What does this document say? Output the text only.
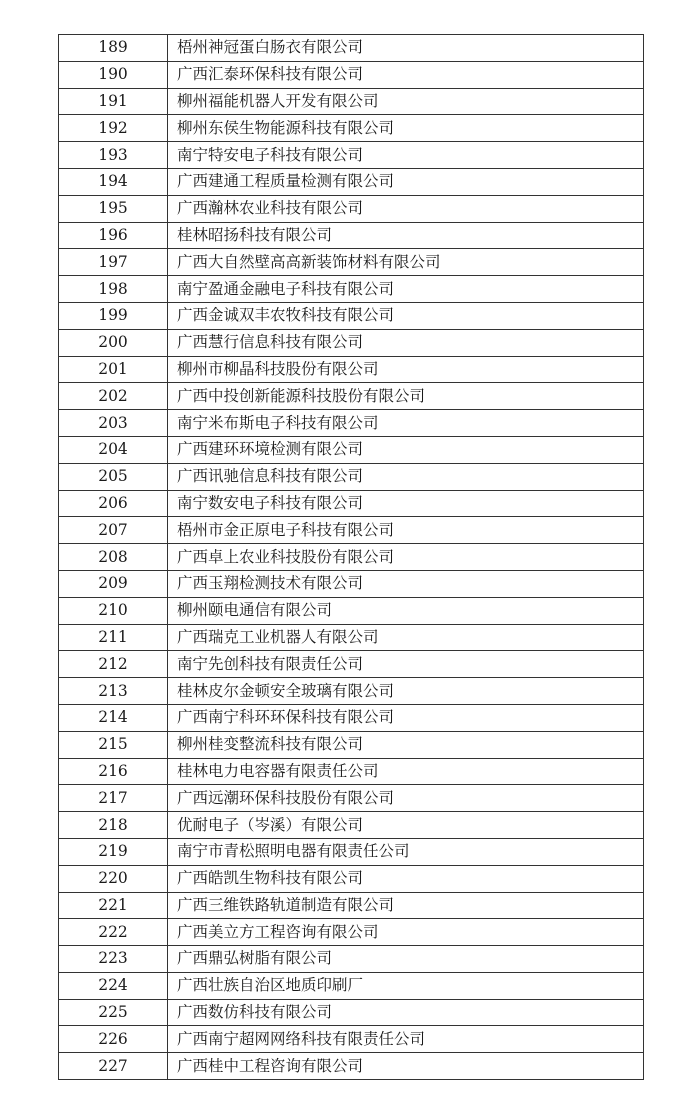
189	梧州神冠蛋白肠衣有限公司
190	广西汇泰环保科技有限公司
191	柳州福能机器人开发有限公司
192	柳州东侯生物能源科技有限公司
193	南宁特安电子科技有限公司
194	广西建通工程质量检测有限公司
195	广西瀚林农业科技有限公司
196	桂林昭扬科技有限公司
197	广西大自然壁高高新装饰材料有限公司
198	南宁盈通金融电子科技有限公司
199	广西金诚双丰农牧科技有限公司
200	广西慧行信息科技有限公司
201	柳州市柳晶科技股份有限公司
202	广西中投创新能源科技股份有限公司
203	南宁米布斯电子科技有限公司
204	广西建环环境检测有限公司
205	广西讯驰信息科技有限公司
206	南宁数安电子科技有限公司
207	梧州市金正原电子科技有限公司
208	广西卓上农业科技股份有限公司
209	广西玉翔检测技术有限公司
210	柳州颐电通信有限公司
211	广西瑞克工业机器人有限公司
212	南宁先创科技有限责任公司
213	桂林皮尔金顿安全玻璃有限公司
214	广西南宁科环环保科技有限公司
215	柳州桂变整流科技有限公司
216	桂林电力电容器有限责任公司
217	广西远潮环保科技股份有限公司
218	优耐电子（岑溪）有限公司
219	南宁市青松照明电器有限责任公司
220	广西皓凯生物科技有限公司
221	广西三维铁路轨道制造有限公司
222	广西美立方工程咨询有限公司
223	广西鼎弘树脂有限公司
224	广西壮族自治区地质印刷厂
225	广西数仿科技有限公司
226	广西南宁超网网络科技有限责任公司
227	广西桂中工程咨询有限公司
